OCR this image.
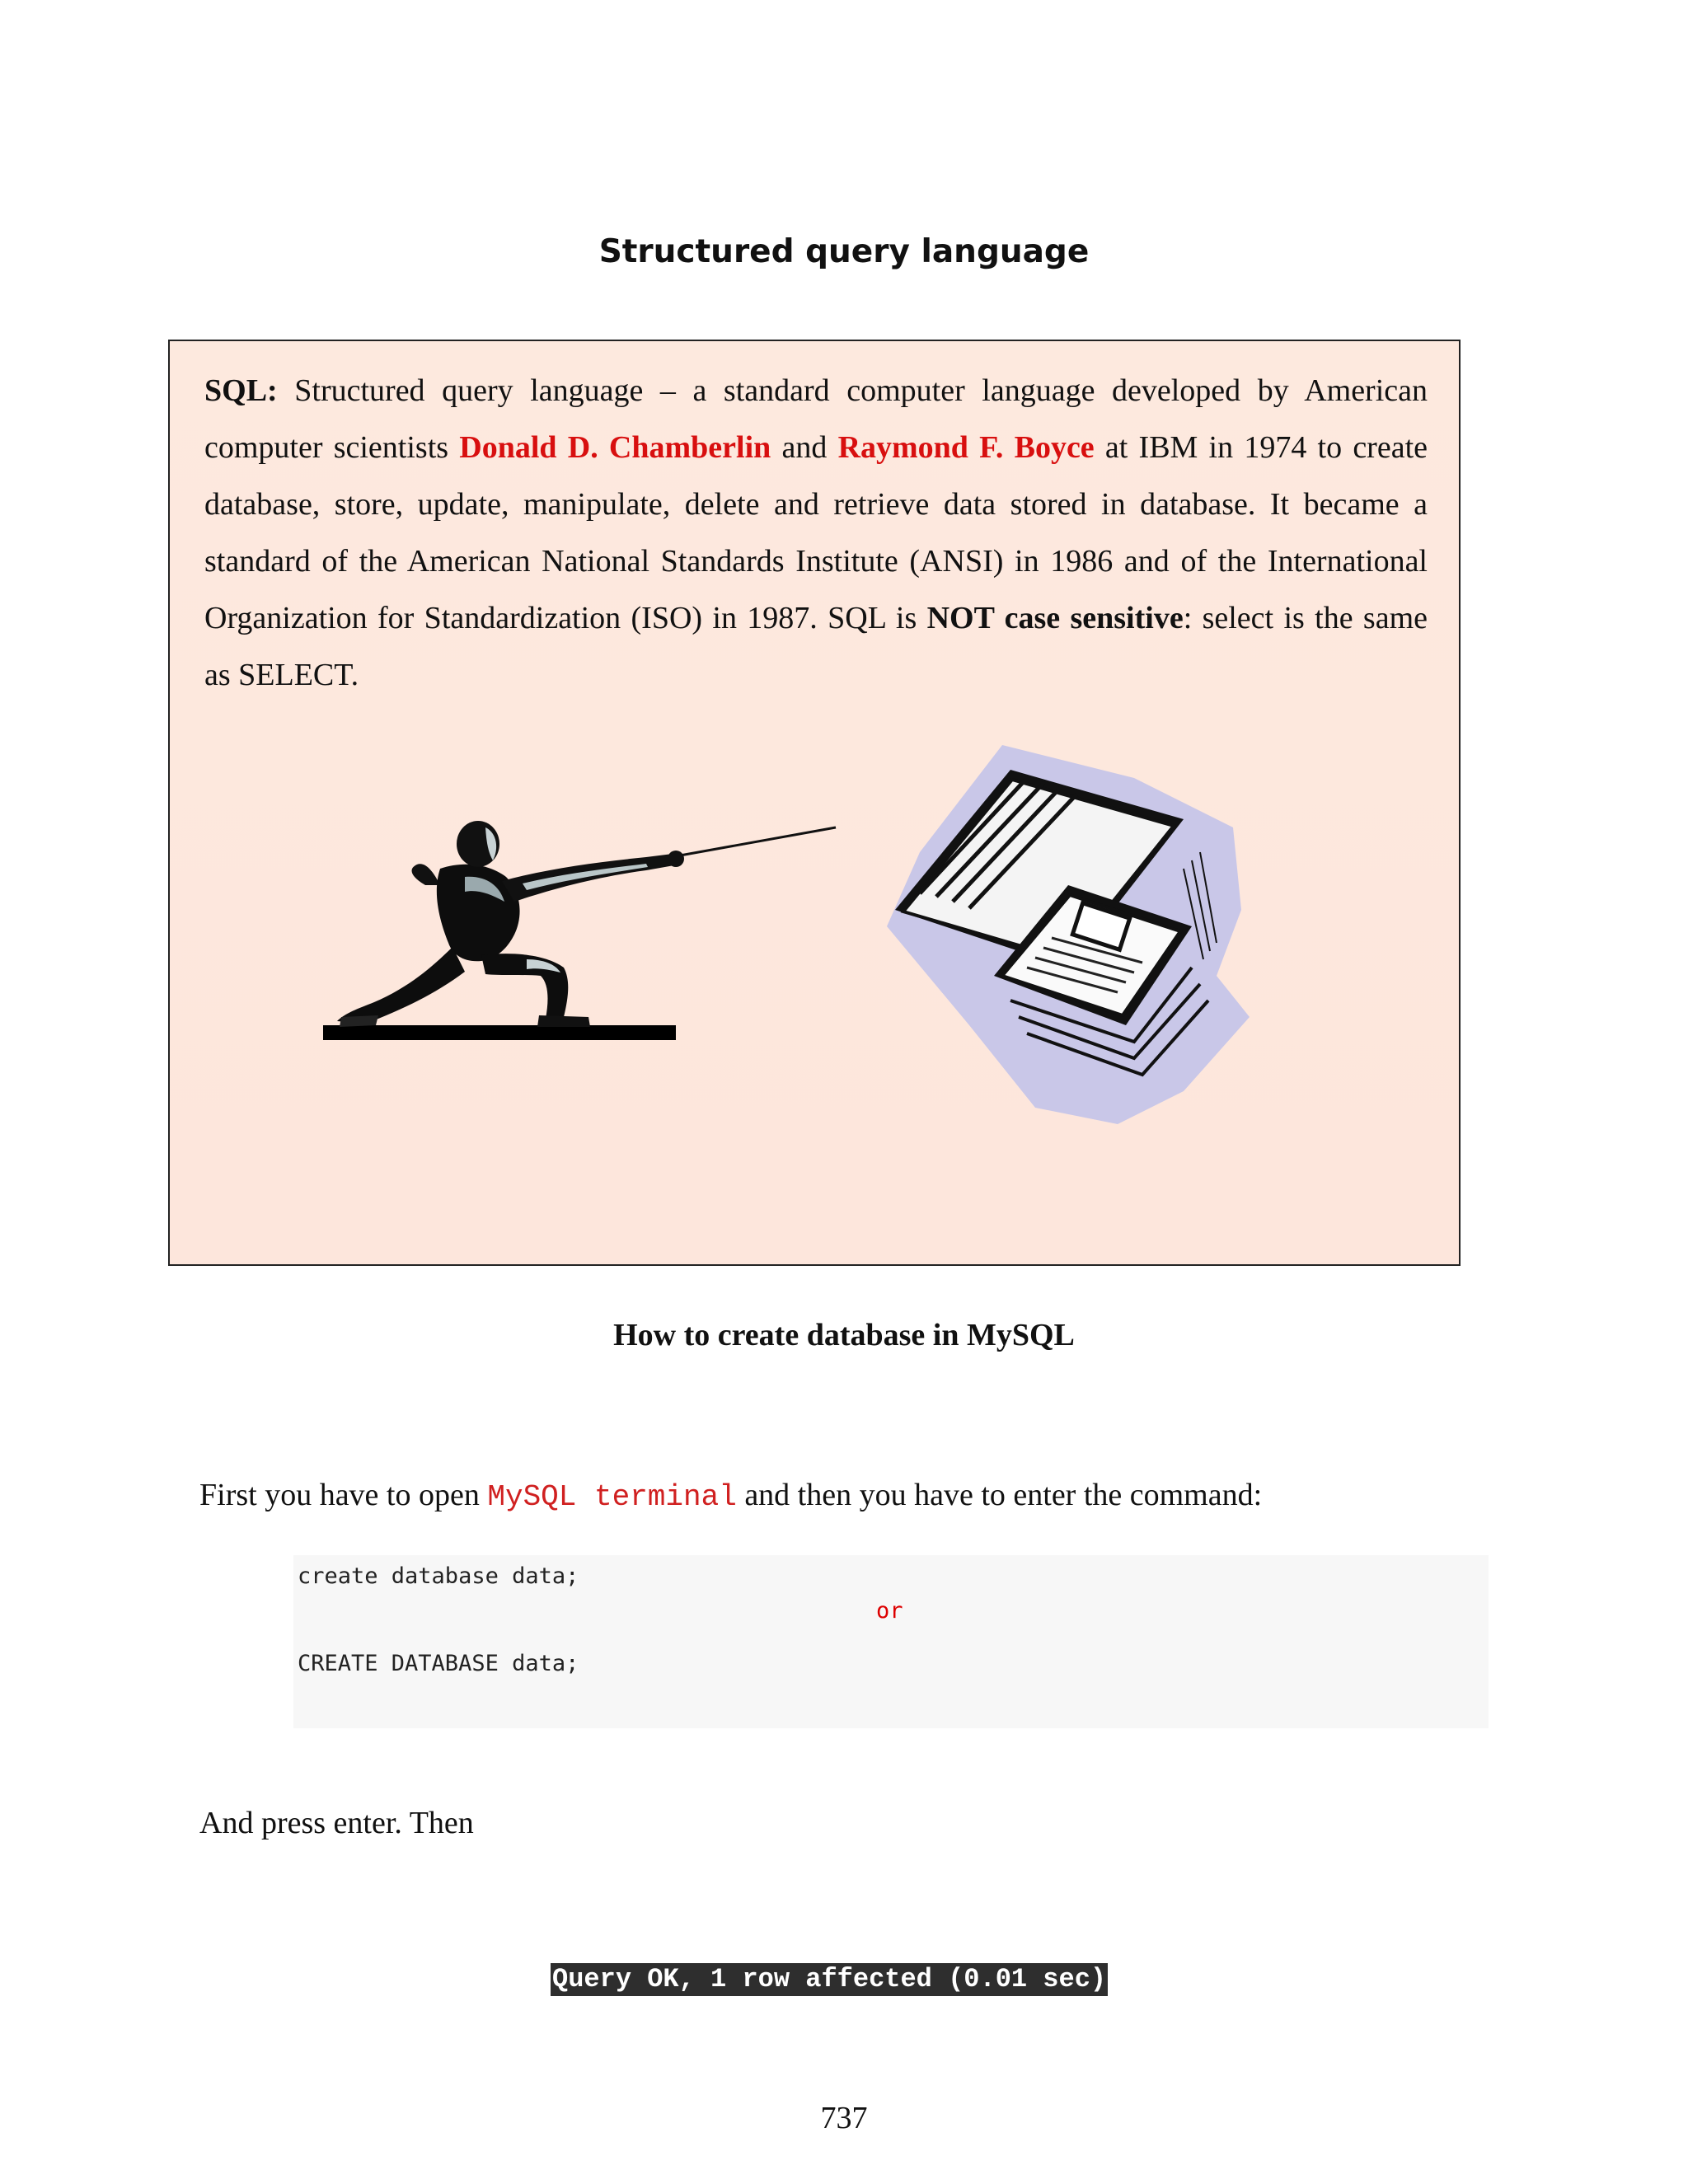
Structured query language

SQL: Structured query language – a standard computer language developed by American computer scientists Donald D. Chamberlin and Raymond F. Boyce at IBM in 1974 to create database, store, update, manipulate, delete and retrieve data stored in database. It became a standard of the American National Standards Institute (ANSI) in 1986 and of the International Organization for Standardization (ISO) in 1987. SQL is NOT case sensitive: select is the same as SELECT.

How to create database in MySQL
First you have to open MySQL terminal and then you have to enter the command:
create database data;
or
CREATE DATABASE data;
And press enter. Then
Query OK, 1 row affected (0.01 sec)
737
